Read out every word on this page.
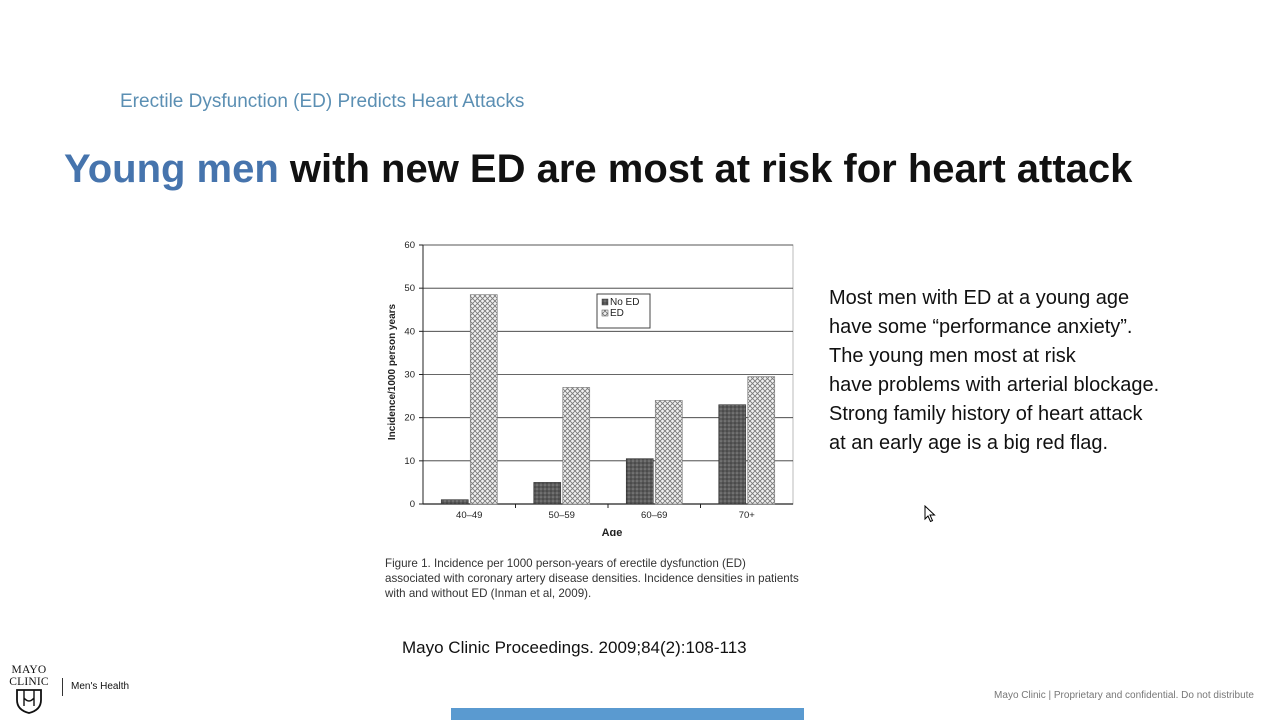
Erectile Dysfunction (ED) Predicts Heart Attacks
Young men with new ED are most at risk for heart attack
0
10
20
30
40
50
60
40–49	50–59	60–69	70+
Age
Incidence/1000 person years
No ED
ED
Figure 1. Incidence per 1000 person-years of erectile dysfunction (ED) associated with coronary artery disease densities. Incidence densities in patients with and without ED (Inman et al, 2009).
Mayo Clinic Proceedings. 2009;84(2):108-113
Most men with ED at a young age
have some “performance anxiety”.
The young men most at risk
have problems with arterial blockage.
Strong family history of heart attack
at an early age is a big red flag.
MAYO CLINIC	Men's Health
Mayo Clinic | Proprietary and confidential. Do not distribute
